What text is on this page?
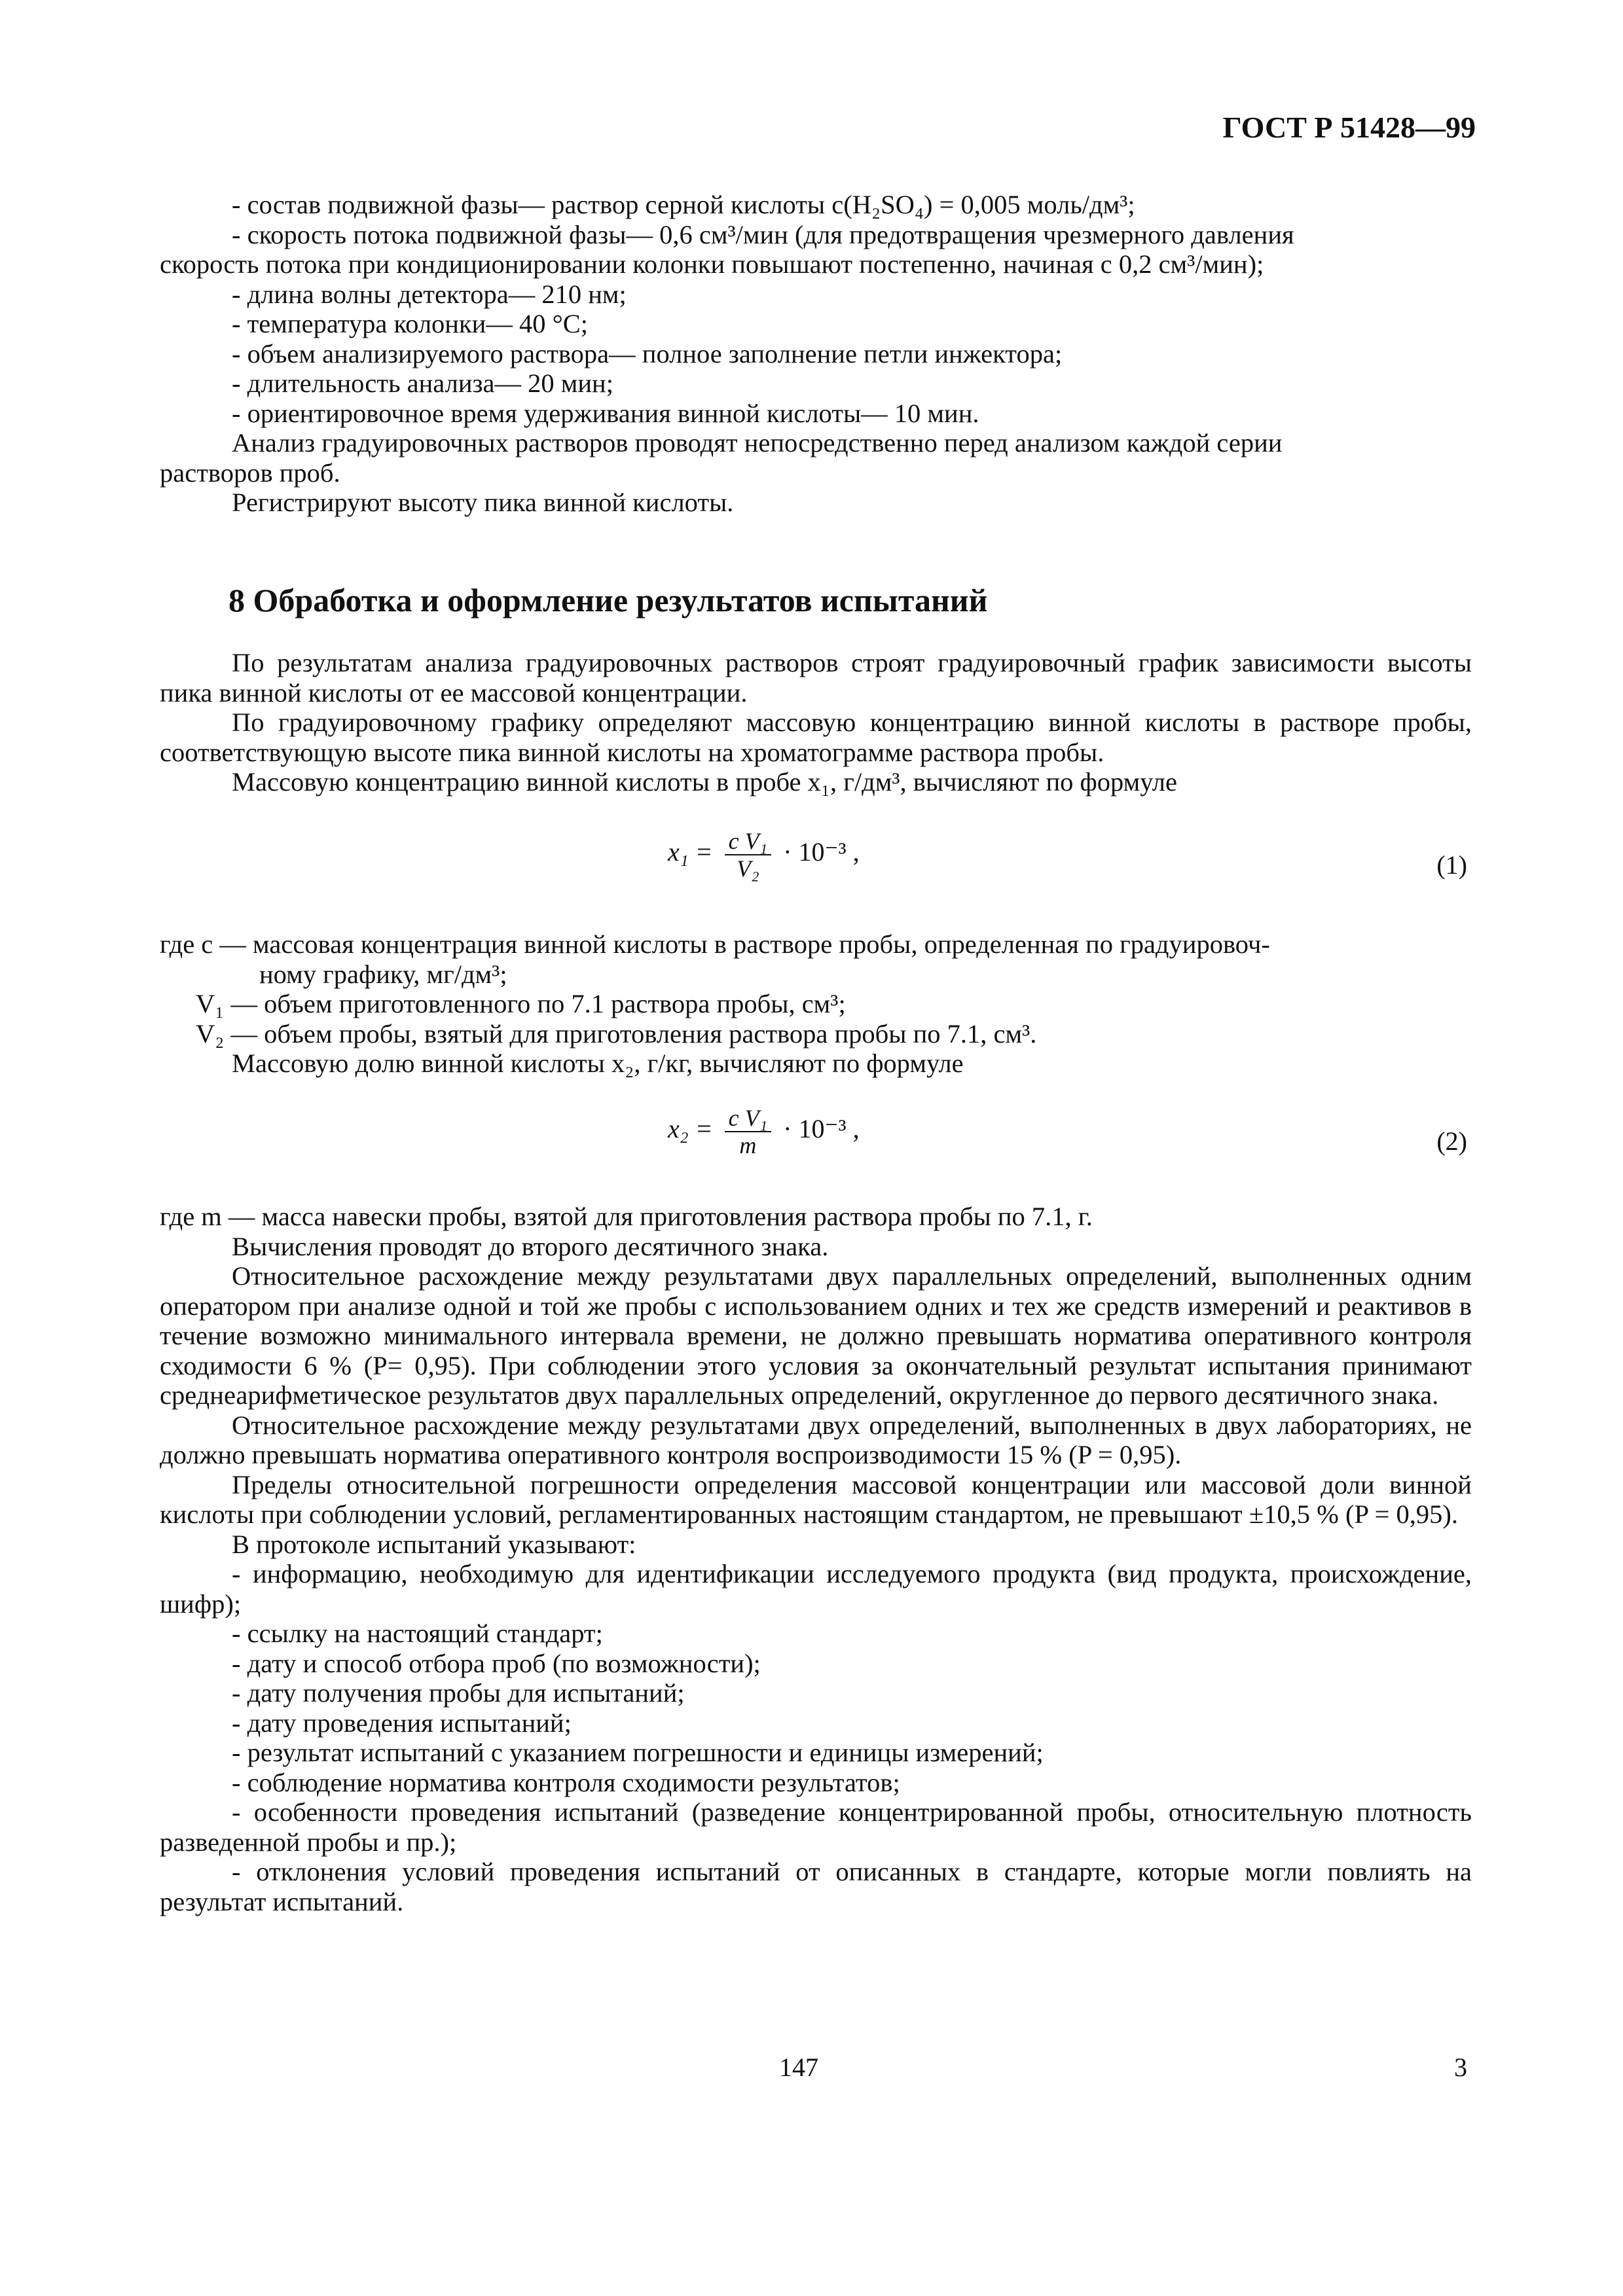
ГОСТ Р 51428—99

- состав подвижной фазы— раствор серной кислоты c(H₂SO₄) = 0,005 моль/дм³;

- скорость потока подвижной фазы— 0,6 см³/мин (для предотвращения чрезмерного давления

скорость потока при кондиционировании колонки повышают постепенно, начиная с 0,2 см³/мин);

- длина волны детектора— 210 нм;

- температура колонки— 40 °C;

- объем анализируемого раствора— полное заполнение петли инжектора;

- длительность анализа— 20 мин;

- ориентировочное время удерживания винной кислоты— 10 мин.

Анализ градуировочных растворов проводят непосредственно перед анализом каждой серии

растворов проб.

Регистрируют высоту пика винной кислоты.

8 Обработка и оформление результатов испытаний

По результатам анализа градуировочных растворов строят градуировочный график зависимости высоты пика винной кислоты от ее массовой концентрации.

По градуировочному графику определяют массовую концентрацию винной кислоты в растворе пробы, соответствующую высоте пика винной кислоты на хроматограмме раствора пробы.

Массовую концентрацию винной кислоты в пробе x₁, г/дм³, вычисляют по формуле

$x_1 = \frac{\text{c V₁}}{\text{V₂}} \cdot 10^{-3}$ ,	(1)

где c — массовая концентрация винной кислоты в растворе пробы, определенная по градуировоч-

ному графику, мг/дм³;

V₁ — объем приготовленного по 7.1 раствора пробы, см³;

V₂ — объем пробы, взятый для приготовления раствора пробы по 7.1, см³.

Массовую долю винной кислоты x₂, г/кг, вычисляют по формуле

$x_2 = \frac{\text{c V₁}}{m} \cdot 10^{-3}$ ,	(2)

где m — масса навески пробы, взятой для приготовления раствора пробы по 7.1, г.

Вычисления проводят до второго десятичного знака.

Относительное расхождение между результатами двух параллельных определений, выполненных одним оператором при анализе одной и той же пробы с использованием одних и тех же средств измерений и реактивов в течение возможно минимального интервала времени, не должно превышать норматива оперативного контроля сходимости 6 % (P= 0,95). При соблюдении этого условия за окончательный результат испытания принимают среднеарифметическое результатов двух параллельных определений, округленное до первого десятичного знака.

Относительное расхождение между результатами двух определений, выполненных в двух лабораториях, не должно превышать норматива оперативного контроля воспроизводимости 15 % (P = 0,95).

Пределы относительной погрешности определения массовой концентрации или массовой доли винной кислоты при соблюдении условий, регламентированных настоящим стандартом, не превышают ±10,5 % (P = 0,95).

В протоколе испытаний указывают:

- информацию, необходимую для идентификации исследуемого продукта (вид продукта, происхождение, шифр);

- ссылку на настоящий стандарт;

- дату и способ отбора проб (по возможности);

- дату получения пробы для испытаний;

- дату проведения испытаний;

- результат испытаний с указанием погрешности и единицы измерений;

- соблюдение норматива контроля сходимости результатов;

- особенности проведения испытаний (разведение концентрированной пробы, относительную плотность разведенной пробы и пр.);

- отклонения условий проведения испытаний от описанных в стандарте, которые могли повлиять на результат испытаний.

147	3
